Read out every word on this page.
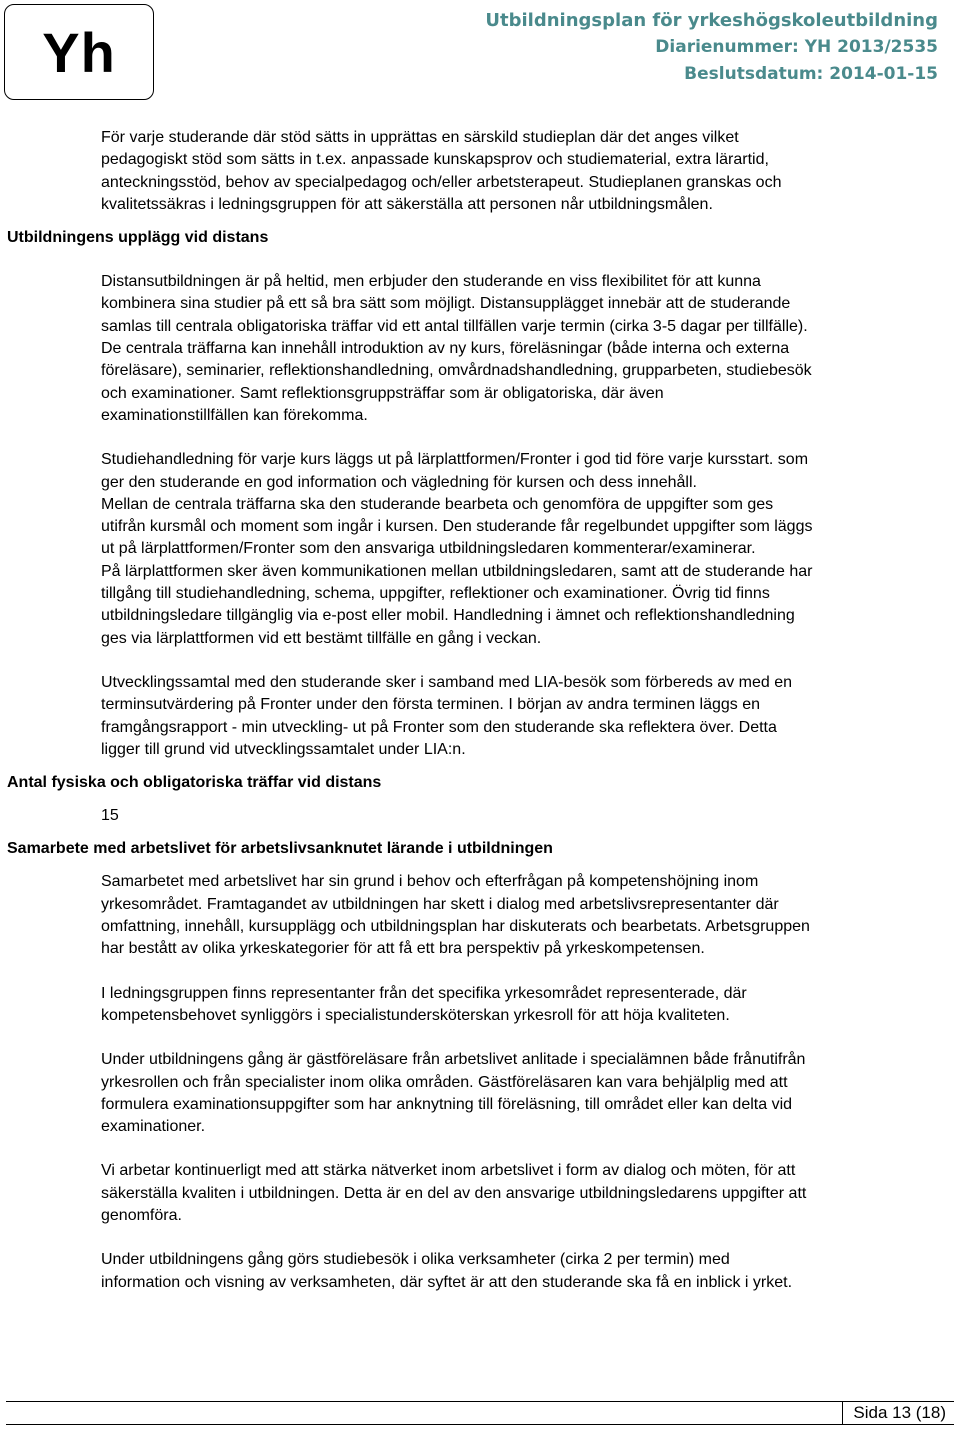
Yh	Utbildningsplan för yrkeshögskoleutbildning
Diarienummer: YH 2013/2535
Beslutsdatum: 2014-01-15
För varje studerande där stöd sätts in upprättas en särskild studieplan där det anges vilket
pedagogiskt stöd som sätts in t.ex. anpassade kunskapsprov och studiematerial, extra lärartid,
anteckningsstöd, behov av specialpedagog och/eller arbetsterapeut. Studieplanen granskas och
kvalitetssäkras i ledningsgruppen för att säkerställa att personen når utbildningsmålen.
Utbildningens upplägg vid distans
Distansutbildningen är på heltid, men erbjuder den studerande en viss flexibilitet för att kunna
kombinera sina studier på ett så bra sätt som möjligt. Distansupplägget innebär att de studerande
samlas till centrala obligatoriska träffar vid ett antal tillfällen varje termin (cirka 3-5 dagar per tillfälle).
De centrala träffarna kan innehåll introduktion av ny kurs, föreläsningar (både interna och externa
föreläsare), seminarier, reflektionshandledning, omvårdnadshandledning, grupparbeten, studiebesök
och examinationer. Samt reflektionsgruppsträffar som är obligatoriska, där även
examinationstillfällen kan förekomma.
Studiehandledning för varje kurs läggs ut på lärplattformen/Fronter i god tid före varje kursstart. som
ger den studerande en god information och vägledning för kursen och dess innehåll.
Mellan de centrala träffarna ska den studerande bearbeta och genomföra de uppgifter som ges
utifrån kursmål och moment som ingår i kursen. Den studerande får regelbundet uppgifter som läggs
ut på lärplattformen/Fronter som den ansvariga utbildningsledaren kommenterar/examinerar.
På lärplattformen sker även kommunikationen mellan utbildningsledaren, samt att de studerande har
tillgång till studiehandledning, schema, uppgifter, reflektioner och examinationer. Övrig tid finns
utbildningsledare tillgänglig via e-post eller mobil. Handledning i ämnet och reflektionshandledning
ges via lärplattformen vid ett bestämt tillfälle en gång i veckan.
Utvecklingssamtal med den studerande sker i samband med LIA-besök som förbereds av med en
terminsutvärdering på Fronter under den första terminen. I början av andra terminen läggs en
framgångsrapport - min utveckling- ut på Fronter som den studerande ska reflektera över. Detta
ligger till grund vid utvecklingssamtalet under LIA:n.
Antal fysiska och obligatoriska träffar vid distans
15
Samarbete med arbetslivet för arbetslivsanknutet lärande i utbildningen
Samarbetet med arbetslivet har sin grund i behov och efterfrågan på kompetenshöjning inom
yrkesområdet. Framtagandet av utbildningen har skett i dialog med arbetslivsrepresentanter där
omfattning, innehåll, kursupplägg och utbildningsplan har diskuterats och bearbetats. Arbetsgruppen
har bestått av olika yrkeskategorier för att få ett bra perspektiv på yrkeskompetensen.
I ledningsgruppen finns representanter från det specifika yrkesområdet representerade, där
kompetensbehovet synliggörs i specialistundersköterskan yrkesroll för att höja kvaliteten.
Under utbildningens gång är gästföreläsare från arbetslivet anlitade i specialämnen både frånutifrån
yrkesrollen och från specialister inom olika områden. Gästföreläsaren kan vara behjälplig med att
formulera examinationsuppgifter som har anknytning till föreläsning, till området eller kan delta vid
examinationer.
Vi arbetar kontinuerligt med att stärka nätverket inom arbetslivet i form av dialog och möten, för att
säkerställa kvaliten i utbildningen. Detta är en del av den ansvarige utbildningsledarens uppgifter att
genomföra.
Under utbildningens gång görs studiebesök i olika verksamheter (cirka 2 per termin) med
information och visning av verksamheten, där syftet är att den studerande ska få en inblick i yrket.
Sida 13 (18)
